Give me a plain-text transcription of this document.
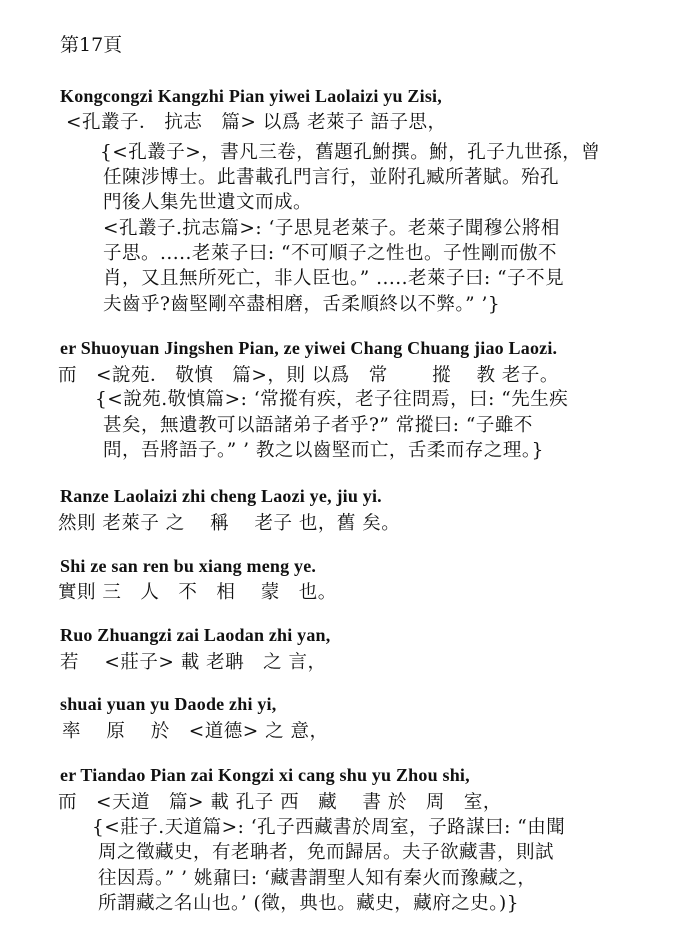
第17頁
Kongcongzi Kangzhi Pian yiwei Laolaizi yu Zisi,
<孔叢子． 抗志　篇> 以爲 老萊子 語子思，
{<孔叢子>，書凡三卷，舊題孔鮒撰。鮒，孔子九世孫，曾
任陳涉博士。此書載孔門言行，並附孔臧所著賦。殆孔
門後人集先世遺文而成。
<孔叢子.抗志篇>: ‘子思見老萊子。老萊子聞穆公將相
子思。.....老萊子曰: “不可順子之性也。子性剛而傲不
肖，又且無所死亡，非人臣也。” .....老萊子曰: “子不見
夫齒乎?齒堅剛卒盡相磨，舌柔順終以不弊。” ’}
er Shuoyuan Jingshen Pian, ze yiwei Chang Chuang jiao Laozi.
而　<說苑． 敬慎　篇>，則 以爲　常　　 摐　 教 老子。
{<說苑.敬慎篇>: ‘常摐有疾，老子往問焉，曰: “先生疾
甚矣，無遺教可以語諸弟子者乎?” 常摐曰: “子雖不
問，吾將語子。” ’ 教之以齒堅而亡，舌柔而存之理。}
Ranze Laolaizi zhi cheng Laozi ye, jiu yi.
然則 老萊子 之　 稱　 老子 也，舊 矣。
Shi ze san ren bu xiang meng ye.
實則 三　人　不　相　 蒙　也。
Ruo Zhuangzi zai Laodan zhi yan,
若　 <莊子> 載 老聃　之 言，
shuai yuan yu Daode zhi yi,
率　 原　 於　<道德> 之 意，
er Tiandao Pian zai Kongzi xi cang shu yu Zhou shi,
而　<天道　篇> 載 孔子 西　藏　 書 於　周　室，
{<莊子.天道篇>: ‘孔子西藏書於周室，子路謀曰: “由聞
周之徵藏史，有老聃者，免而歸居。夫子欲藏書，則試
往因焉。” ’ 姚鼐曰: ‘藏書謂聖人知有秦火而豫藏之，
所謂藏之名山也。’ (徵，典也。藏史，藏府之史。)}
